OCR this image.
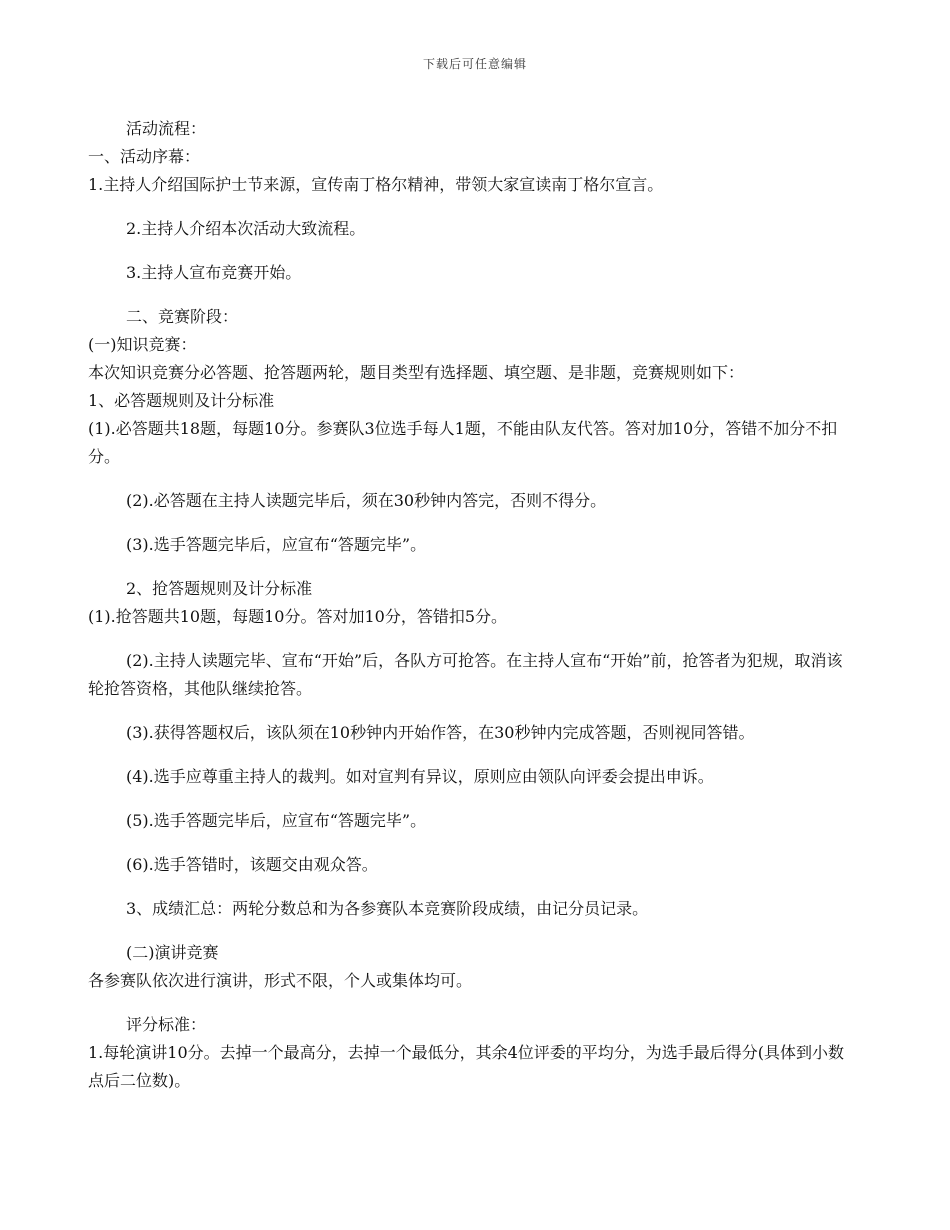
下载后可任意编辑
活动流程：
一、活动序幕：
1.主持人介绍国际护士节来源，宣传南丁格尔精神，带领大家宣读南丁格尔宣言。
2.主持人介绍本次活动大致流程。
3.主持人宣布竞赛开始。
二、竞赛阶段：
(一)知识竞赛：
本次知识竞赛分必答题、抢答题两轮，题目类型有选择题、填空题、是非题，竞赛规则如下：
1、必答题规则及计分标准
(1).必答题共18题，每题10分。参赛队3位选手每人1题，不能由队友代答。答对加10分，答错不加分不扣分。
(2).必答题在主持人读题完毕后，须在30秒钟内答完，否则不得分。
(3).选手答题完毕后，应宣布“答题完毕”。
2、抢答题规则及计分标准
(1).抢答题共10题，每题10分。答对加10分，答错扣5分。
(2).主持人读题完毕、宣布“开始”后，各队方可抢答。在主持人宣布“开始”前，抢答者为犯规，取消该轮抢答资格，其他队继续抢答。
(3).获得答题权后，该队须在10秒钟内开始作答，在30秒钟内完成答题，否则视同答错。
(4).选手应尊重主持人的裁判。如对宣判有异议，原则应由领队向评委会提出申诉。
(5).选手答题完毕后，应宣布“答题完毕”。
(6).选手答错时，该题交由观众答。
3、成绩汇总：两轮分数总和为各参赛队本竞赛阶段成绩，由记分员记录。
(二)演讲竞赛
各参赛队依次进行演讲，形式不限，个人或集体均可。
评分标准：
1.每轮演讲10分。去掉一个最高分，去掉一个最低分，其余4位评委的平均分，为选手最后得分(具体到小数点后二位数)。
